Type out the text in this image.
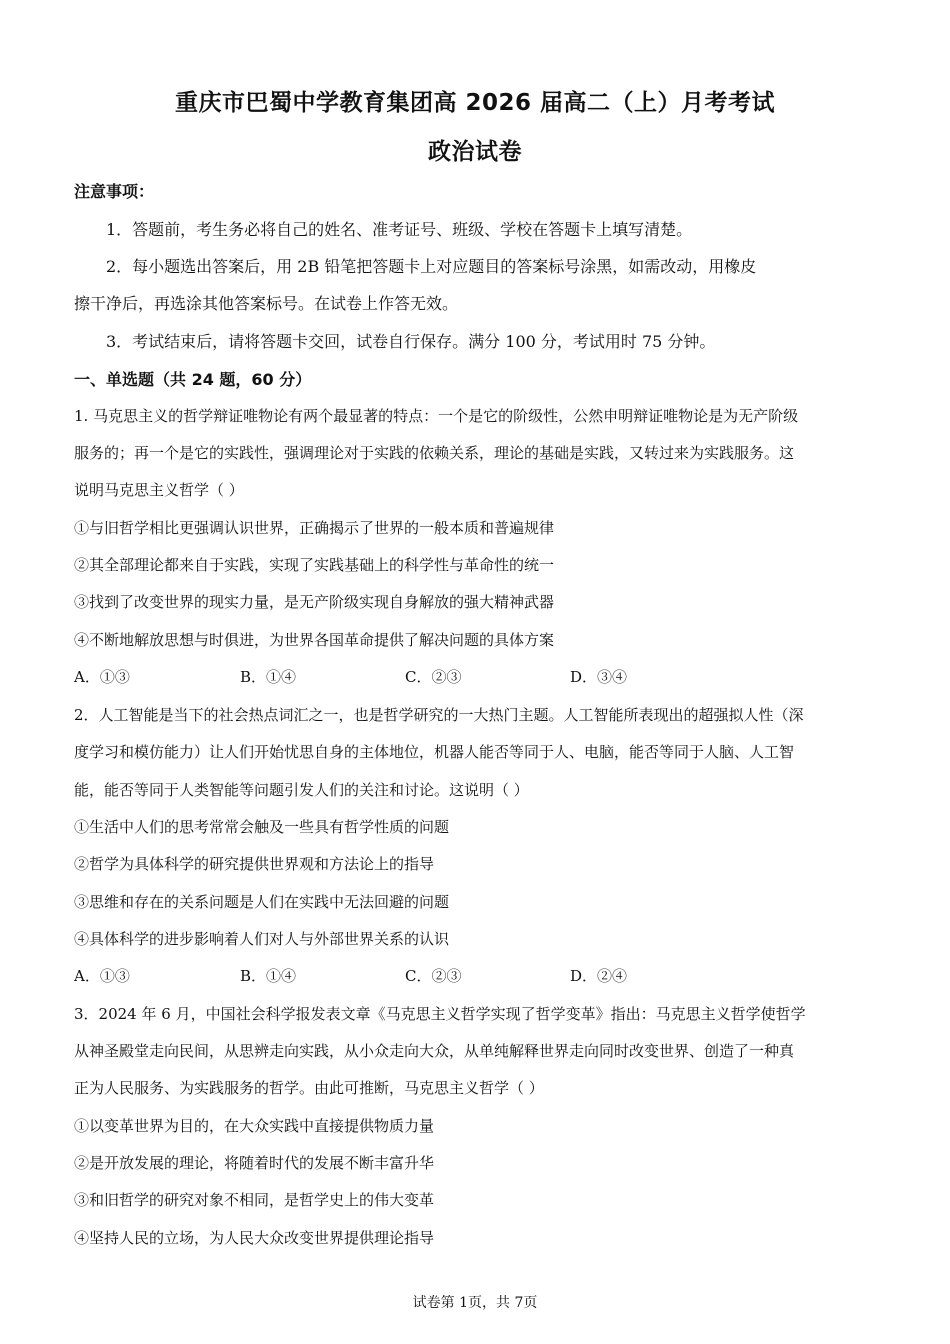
重庆市巴蜀中学教育集团高 2026 届高二（上）月考考试
政治试卷
注意事项：
1．答题前，考生务必将自己的姓名、准考证号、班级、学校在答题卡上填写清楚。
2．每小题选出答案后，用 2B 铅笔把答题卡上对应题目的答案标号涂黑，如需改动，用橡皮
擦干净后，再选涂其他答案标号。在试卷上作答无效。
3．考试结束后，请将答题卡交回，试卷自行保存。满分 100 分，考试用时 75 分钟。
一、单选题（共 24 题，60 分）
1. 马克思主义的哲学辩证唯物论有两个最显著的特点：一个是它的阶级性，公然申明辩证唯物论是为无产阶级
服务的；再一个是它的实践性，强调理论对于实践的依赖关系，理论的基础是实践，又转过来为实践服务。这
说明马克思主义哲学（ ）
①与旧哲学相比更强调认识世界，正确揭示了世界的一般本质和普遍规律
②其全部理论都来自于实践，实现了实践基础上的科学性与革命性的统一
③找到了改变世界的现实力量，是无产阶级实现自身解放的强大精神武器
④不断地解放思想与时俱进，为世界各国革命提供了解决问题的具体方案
A．①③	B．①④	C．②③	D．③④
2．人工智能是当下的社会热点词汇之一，也是哲学研究的一大热门主题。人工智能所表现出的超强拟人性（深
度学习和模仿能力）让人们开始忧思自身的主体地位，机器人能否等同于人、电脑，能否等同于人脑、人工智
能，能否等同于人类智能等问题引发人们的关注和讨论。这说明（ ）
①生活中人们的思考常常会触及一些具有哲学性质的问题
②哲学为具体科学的研究提供世界观和方法论上的指导
③思维和存在的关系问题是人们在实践中无法回避的问题
④具体科学的进步影响着人们对人与外部世界关系的认识
A．①③	B．①④	C．②③	D．②④
3．2024 年 6 月，中国社会科学报发表文章《马克思主义哲学实现了哲学变革》指出：马克思主义哲学使哲学
从神圣殿堂走向民间，从思辨走向实践，从小众走向大众，从单纯解释世界走向同时改变世界、创造了一种真
正为人民服务、为实践服务的哲学。由此可推断，马克思主义哲学（ ）
①以变革世界为目的，在大众实践中直接提供物质力量
②是开放发展的理论，将随着时代的发展不断丰富升华
③和旧哲学的研究对象不相同，是哲学史上的伟大变革
④坚持人民的立场，为人民大众改变世界提供理论指导
试卷第 1页，共 7页
